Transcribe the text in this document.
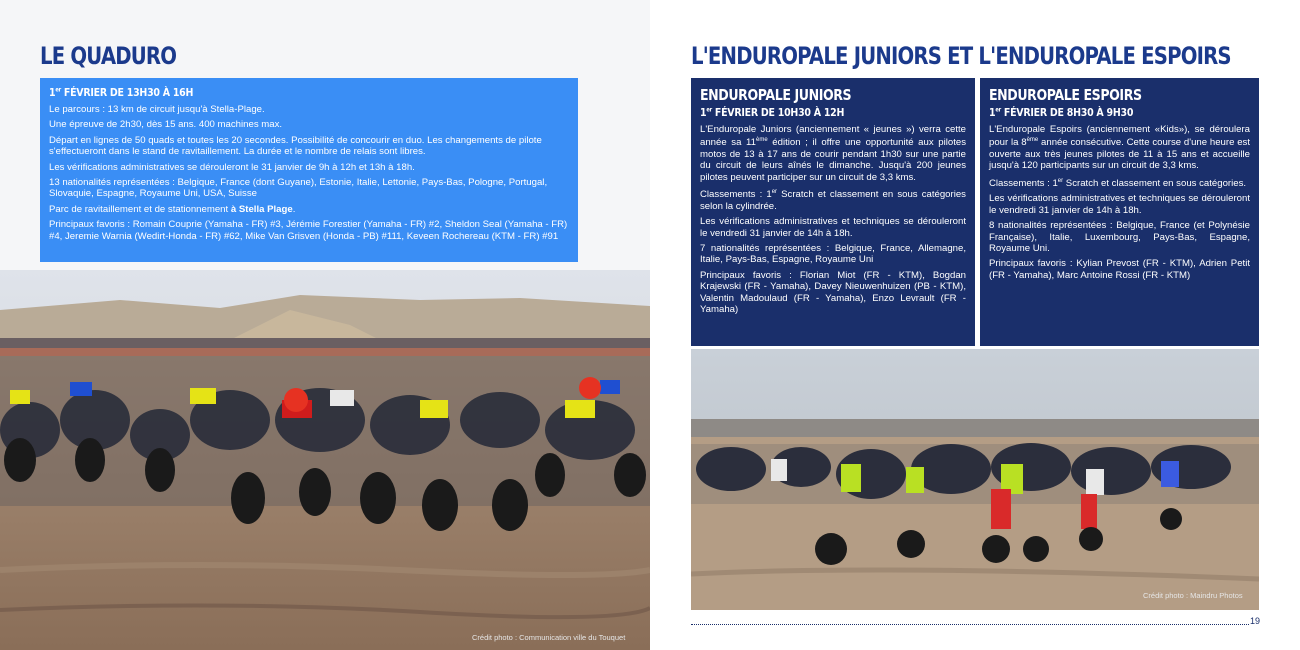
LE QUADURO
1er FÉVRIER DE 13H30 À 16H

Le parcours : 13 km de circuit jusqu'à Stella-Plage.

Une épreuve de 2h30, dès 15 ans. 400 machines max.

Départ en lignes de 50 quads et toutes les 20 secondes. Possibilité de concourir en duo. Les changements de pilote s'effectueront dans le stand de ravitaillement. La durée et le nombre de relais sont libres.

Les vérifications administratives se dérouleront le 31 janvier de 9h à 12h et 13h à 18h.

13 nationalités représentées : Belgique, France (dont Guyane), Estonie, Italie, Lettonie, Pays-Bas, Pologne, Portugal, Slovaquie, Espagne, Royaume Uni, USA, Suisse

Parc de ravitaillement et de stationnement à Stella Plage.

Principaux favoris : Romain Couprie (Yamaha - FR) #3, Jérémie Forestier (Yamaha - FR) #2, Sheldon Seal (Yamaha - FR) #4, Jeremie Warnia (Wedirt-Honda - FR) #62, Mike Van Grisven (Honda - PB) #111, Keveen Rochereau (KTM - FR) #91

Crédit photo : Communication ville du Touquet
L'ENDUROPALE JUNIORS ET L'ENDUROPALE ESPOIRS
ENDUROPALE JUNIORS
1er FÉVRIER DE 10H30 À 12H

L'Enduropale Juniors (anciennement « jeunes ») verra cette année sa 11ème édition ; il offre une opportunité aux pilotes motos de 13 à 17 ans de courir pendant 1h30 sur une partie du circuit de leurs aînés le dimanche. Jusqu'à 200 jeunes pilotes peuvent participer sur un circuit de 3,3 kms.

Classements : 1er Scratch et classement en sous catégories selon la cylindrée.

Les vérifications administratives et techniques se dérouleront le vendredi 31 janvier de 14h à 18h.

7 nationalités représentées : Belgique, France, Allemagne, Italie, Pays-Bas, Espagne, Royaume Uni

Principaux favoris : Florian Miot (FR - KTM), Bogdan Krajewski (FR - Yamaha), Davey Nieuwenhuizen (PB - KTM), Valentin Madoulaud (FR - Yamaha), Enzo Levrault (FR - Yamaha)

ENDUROPALE ESPOIRS
1er FÉVRIER DE 8H30 À 9H30

L'Enduropale Espoirs (anciennement «Kids»), se déroulera pour la 8ème année consécutive. Cette course d'une heure est ouverte aux très jeunes pilotes de 11 à 15 ans et accueille jusqu'à 120 participants sur un circuit de 3,3 kms.

Classements : 1er Scratch et classement en sous catégories.

Les vérifications administratives et techniques se dérouleront le vendredi 31 janvier de 14h à 18h.

8 nationalités représentées : Belgique, France (et Polynésie Française), Italie, Luxembourg, Pays-Bas, Espagne, Royaume Uni.

Principaux favoris : Kylian Prevost (FR - KTM), Adrien Petit (FR - Yamaha), Marc Antoine Rossi (FR - KTM)

Crédit photo : Maindru Photos
19
